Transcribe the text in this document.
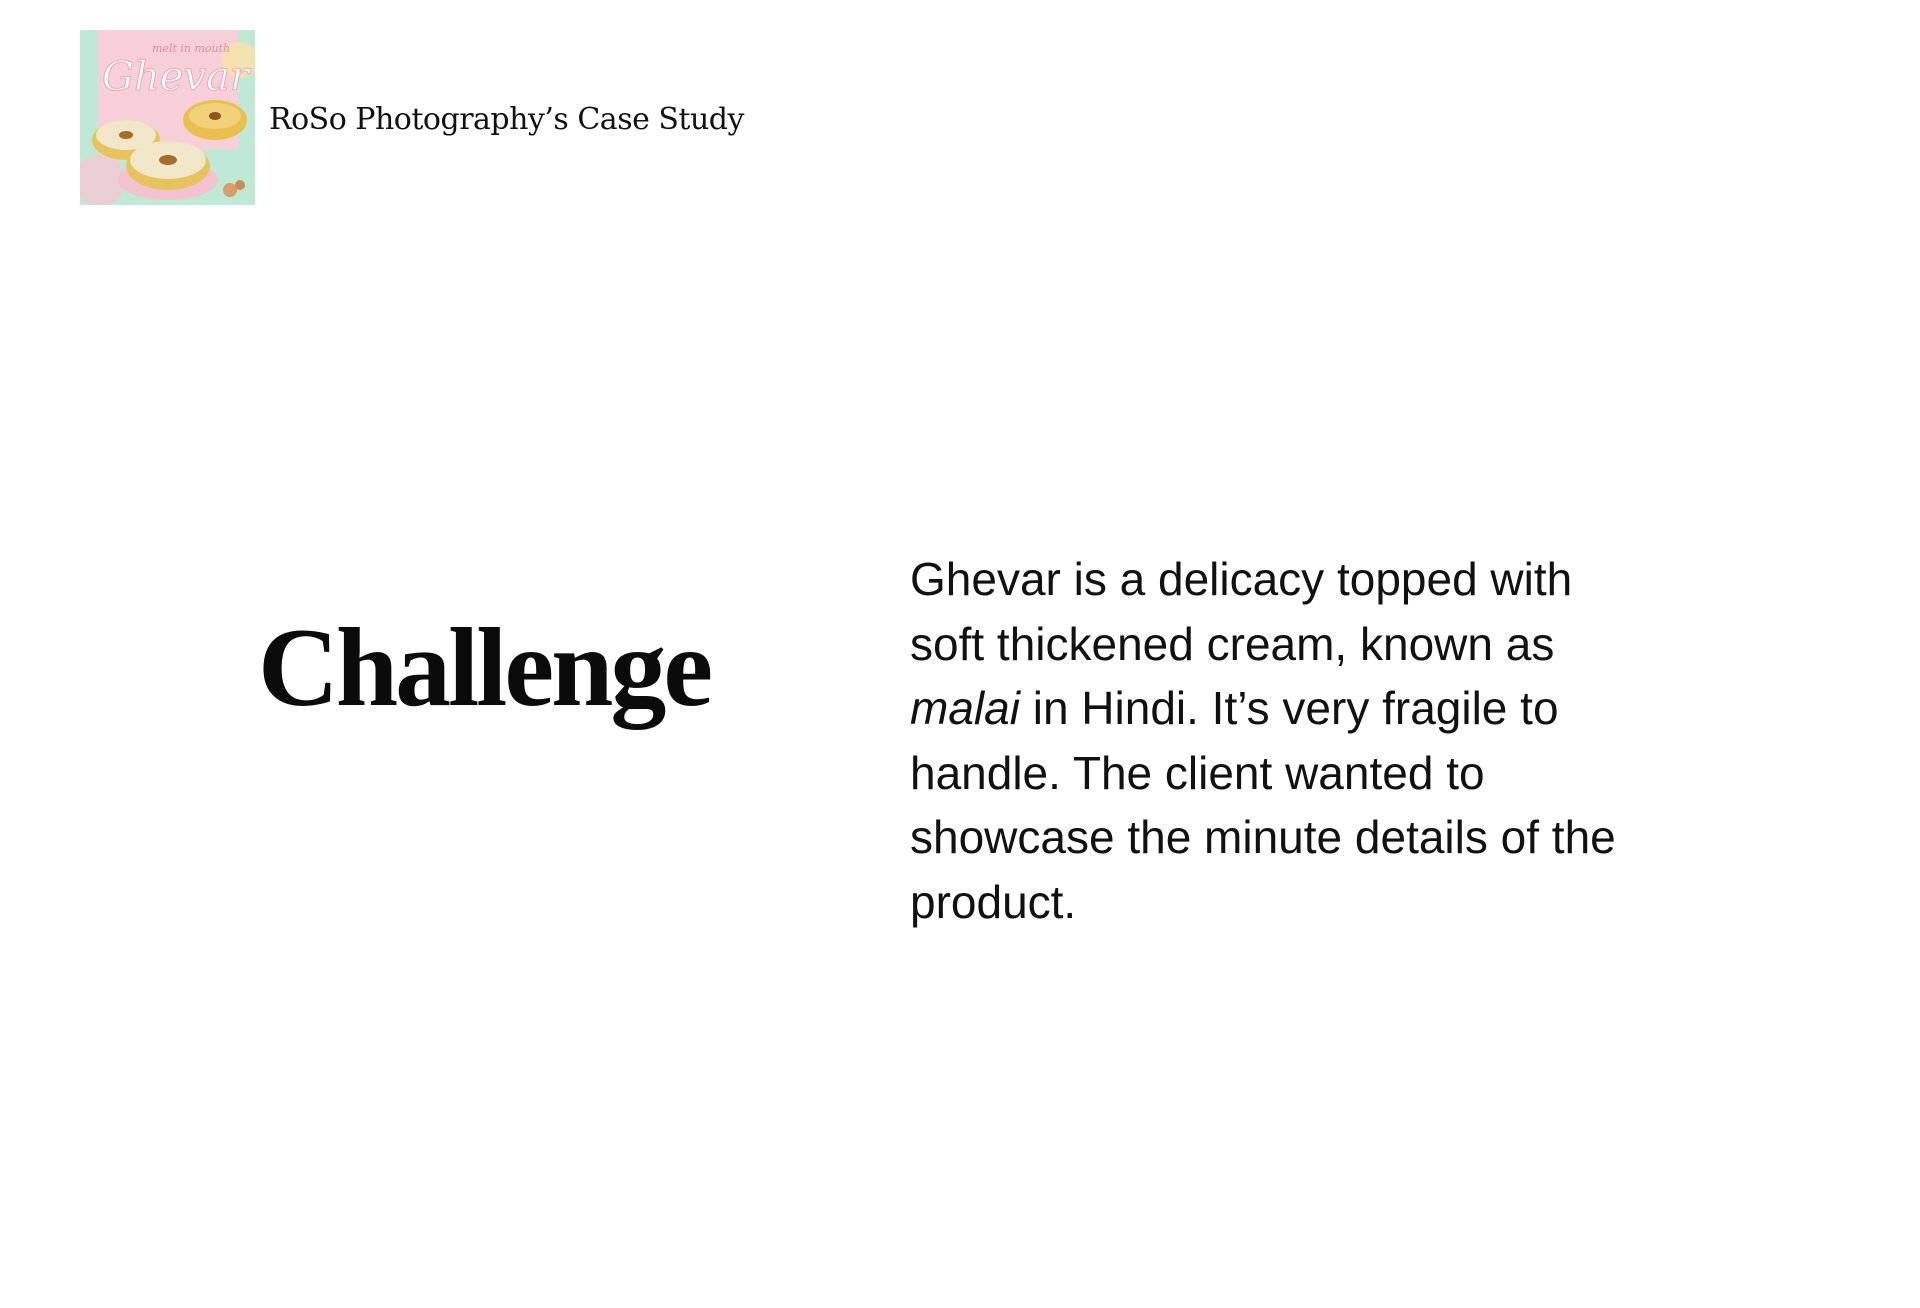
melt in mouth
Ghevar
RoSo Photography’s Case Study
Challenge

Ghevar is a delicacy topped with soft thickened cream, known as malai in Hindi. It’s very fragile to handle. The client wanted to showcase the minute details of the product.
